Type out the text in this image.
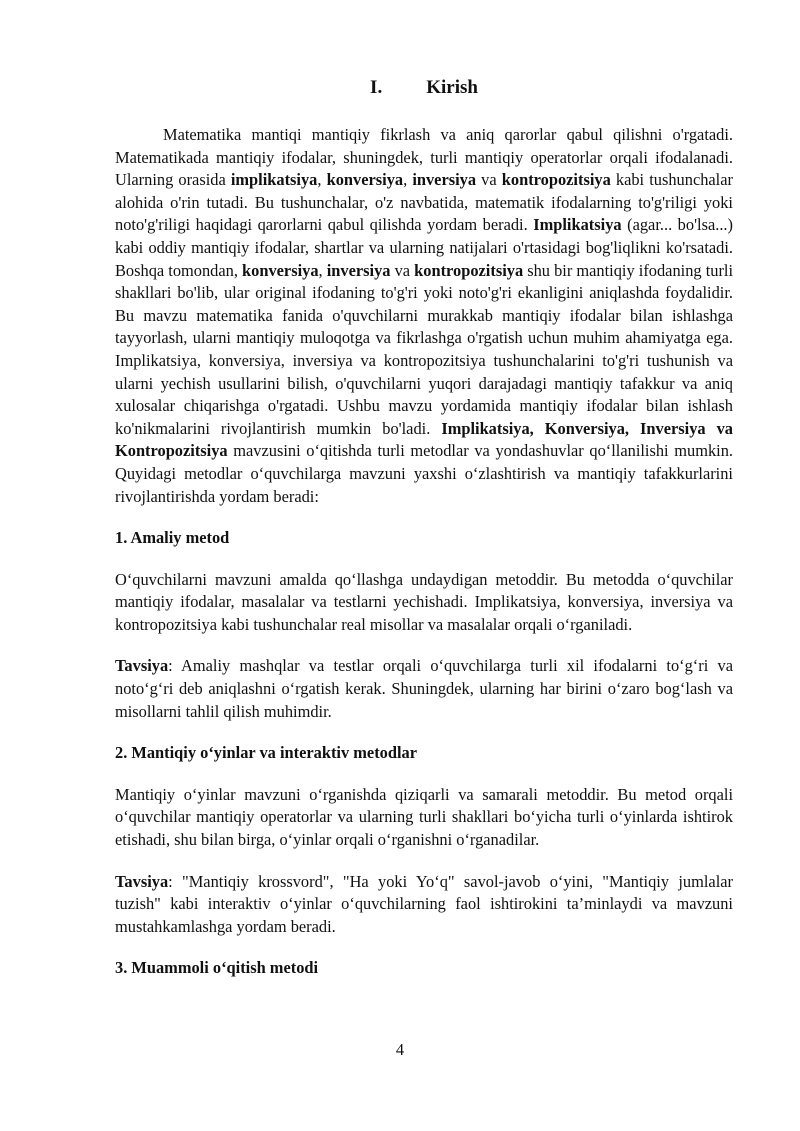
I. Kirish

Matematika mantiqi mantiqiy fikrlash va aniq qarorlar qabul qilishni o'rgatadi. Matematikada mantiqiy ifodalar, shuningdek, turli mantiqiy operatorlar orqali ifodalanadi. Ularning orasida implikatsiya, konversiya, inversiya va kontropozitsiya kabi tushunchalar alohida o'rin tutadi. Bu tushunchalar, o'z navbatida, matematik ifodalarning to'g'riligi yoki noto'g'riligi haqidagi qarorlarni qabul qilishda yordam beradi. Implikatsiya (agar... bo'lsa...) kabi oddiy mantiqiy ifodalar, shartlar va ularning natijalari o'rtasidagi bog'liqlikni ko'rsatadi. Boshqa tomondan, konversiya, inversiya va kontropozitsiya shu bir mantiqiy ifodaning turli shakllari bo'lib, ular original ifodaning to'g'ri yoki noto'g'ri ekanligini aniqlashda foydalidir. Bu mavzu matematika fanida o'quvchilarni murakkab mantiqiy ifodalar bilan ishlashga tayyorlash, ularni mantiqiy muloqotga va fikrlashga o'rgatish uchun muhim ahamiyatga ega. Implikatsiya, konversiya, inversiya va kontropozitsiya tushunchalarini to'g'ri tushunish va ularni yechish usullarini bilish, o'quvchilarni yuqori darajadagi mantiqiy tafakkur va aniq xulosalar chiqarishga o'rgatadi. Ushbu mavzu yordamida mantiqiy ifodalar bilan ishlash ko'nikmalarini rivojlantirish mumkin bo'ladi. Implikatsiya, Konversiya, Inversiya va Kontropozitsiya mavzusini o‘qitishda turli metodlar va yondashuvlar qo‘llanilishi mumkin. Quyidagi metodlar o‘quvchilarga mavzuni yaxshi o‘zlashtirish va mantiqiy tafakkurlarini rivojlantirishda yordam beradi:

1. Amaliy metod

O‘quvchilarni mavzuni amalda qo‘llashga undaydigan metoddir. Bu metodda o‘quvchilar mantiqiy ifodalar, masalalar va testlarni yechishadi. Implikatsiya, konversiya, inversiya va kontropozitsiya kabi tushunchalar real misollar va masalalar orqali o‘rganiladi.

Tavsiya: Amaliy mashqlar va testlar orqali o‘quvchilarga turli xil ifodalarni to‘g‘ri va noto‘g‘ri deb aniqlashni o‘rgatish kerak. Shuningdek, ularning har birini o‘zaro bog‘lash va misollarni tahlil qilish muhimdir.

2. Mantiqiy o‘yinlar va interaktiv metodlar

Mantiqiy o‘yinlar mavzuni o‘rganishda qiziqarli va samarali metoddir. Bu metod orqali o‘quvchilar mantiqiy operatorlar va ularning turli shakllari bo‘yicha turli o‘yinlarda ishtirok etishadi, shu bilan birga, o‘yinlar orqali o‘rganishni o‘rganadilar.

Tavsiya: "Mantiqiy krossvord", "Ha yoki Yo‘q" savol-javob o‘yini, "Mantiqiy jumlalar tuzish" kabi interaktiv o‘yinlar o‘quvchilarning faol ishtirokini ta’minlaydi va mavzuni mustahkamlashga yordam beradi.

3. Muammoli o‘qitish metodi
4
